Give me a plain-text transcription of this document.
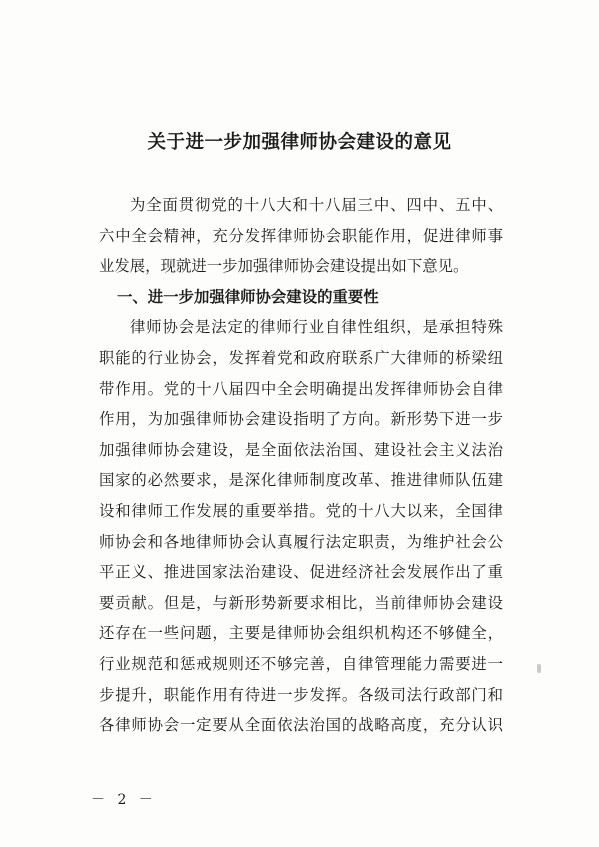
关于进一步加强律师协会建设的意见
为全面贯彻党的十八大和十八届三中、四中、五中、
六中全会精神，充分发挥律师协会职能作用，促进律师事
业发展，现就进一步加强律师协会建设提出如下意见。
一、进一步加强律师协会建设的重要性
律师协会是法定的律师行业自律性组织，是承担特殊
职能的行业协会，发挥着党和政府联系广大律师的桥梁纽
带作用。党的十八届四中全会明确提出发挥律师协会自律
作用，为加强律师协会建设指明了方向。新形势下进一步
加强律师协会建设，是全面依法治国、建设社会主义法治
国家的必然要求，是深化律师制度改革、推进律师队伍建
设和律师工作发展的重要举措。党的十八大以来，全国律
师协会和各地律师协会认真履行法定职责，为维护社会公
平正义、推进国家法治建设、促进经济社会发展作出了重
要贡献。但是，与新形势新要求相比，当前律师协会建设
还存在一些问题，主要是律师协会组织机构还不够健全，
行业规范和惩戒规则还不够完善，自律管理能力需要进一
步提升，职能作用有待进一步发挥。各级司法行政部门和
各律师协会一定要从全面依法治国的战略高度，充分认识
－ 2 －
